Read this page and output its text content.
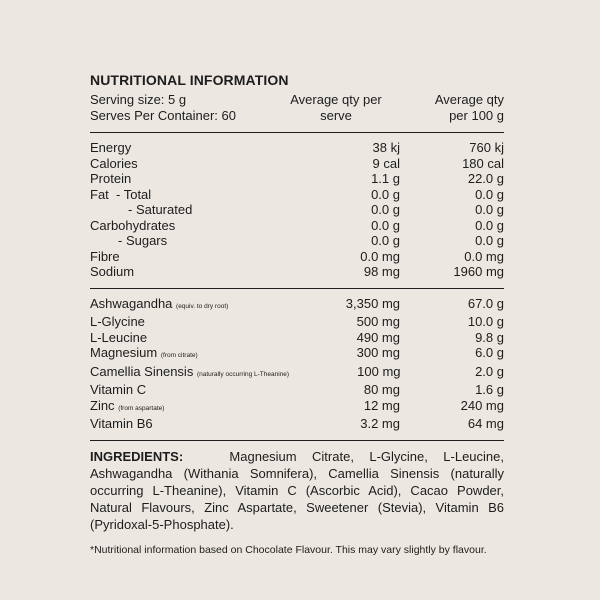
NUTRITIONAL INFORMATION
Serving size: 5 g
Serves Per Container: 60
Average qty per
serve
Average qty
per 100 g
Energy	38 kj	760 kj
Calories	9 cal	180 cal
Protein	1.1 g	22.0 g
Fat  - Total	0.0 g	0.0 g
- Saturated	0.0 g	0.0 g
Carbohydrates	0.0 g	0.0 g
- Sugars	0.0 g	0.0 g
Fibre	0.0 mg	0.0 mg
Sodium	98 mg	1960 mg
Ashwagandha (equiv. to dry root)	3,350 mg	67.0 g
L-Glycine	500 mg	10.0 g
L-Leucine	490 mg	9.8 g
Magnesium (from citrate)	300 mg	6.0 g
Camellia Sinensis (naturally occurring L-Theanine)	100 mg	2.0 g
Vitamin C	80 mg	1.6 g
Zinc (from aspartate)	12 mg	240 mg
Vitamin B6	3.2 mg	64 mg
INGREDIENTS:	Magnesium Citrate, L-Glycine, L-Leucine, Ashwagandha (Withania Somnifera), Camellia Sinensis (naturally occurring L-Theanine), Vitamin C (Ascorbic Acid), Cacao Powder, Natural Flavours, Zinc Aspartate, Sweetener (Stevia), Vitamin B6 (Pyridoxal-5-Phosphate).
*Nutritional information based on Chocolate Flavour. This may vary slightly by flavour.
